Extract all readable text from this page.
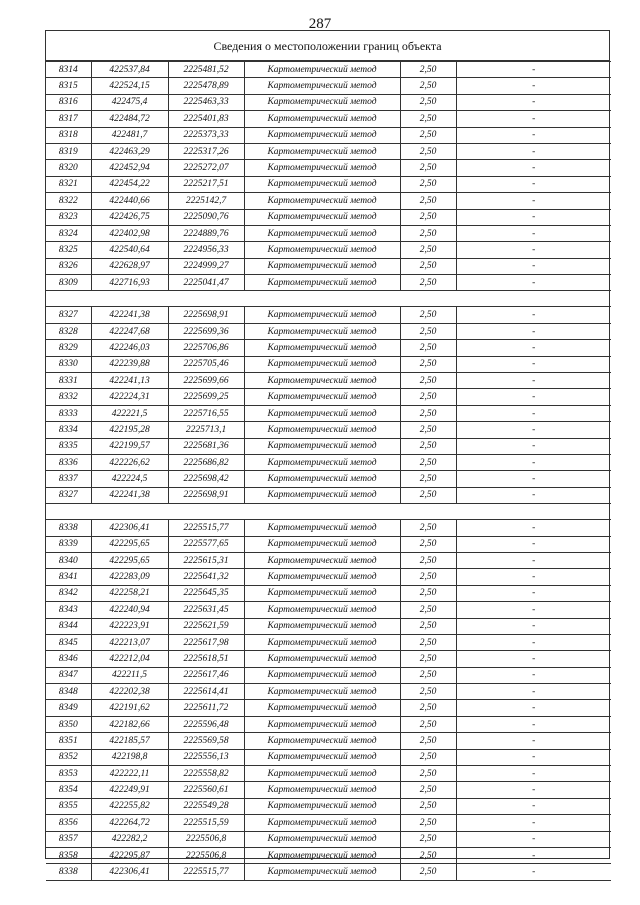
287
Сведения о местоположении границ объекта
8314	422537,84	2225481,52	Картометрический метод	2,50	-
8315	422524,15	2225478,89	Картометрический метод	2,50	-
8316	422475,4	2225463,33	Картометрический метод	2,50	-
8317	422484,72	2225401,83	Картометрический метод	2,50	-
8318	422481,7	2225373,33	Картометрический метод	2,50	-
8319	422463,29	2225317,26	Картометрический метод	2,50	-
8320	422452,94	2225272,07	Картометрический метод	2,50	-
8321	422454,22	2225217,51	Картометрический метод	2,50	-
8322	422440,66	2225142,7	Картометрический метод	2,50	-
8323	422426,75	2225090,76	Картометрический метод	2,50	-
8324	422402,98	2224889,76	Картометрический метод	2,50	-
8325	422540,64	2224956,33	Картометрический метод	2,50	-
8326	422628,97	2224999,27	Картометрический метод	2,50	-
8309	422716,93	2225041,47	Картометрический метод	2,50	-
8327	422241,38	2225698,91	Картометрический метод	2,50	-
8328	422247,68	2225699,36	Картометрический метод	2,50	-
8329	422246,03	2225706,86	Картометрический метод	2,50	-
8330	422239,88	2225705,46	Картометрический метод	2,50	-
8331	422241,13	2225699,66	Картометрический метод	2,50	-
8332	422224,31	2225699,25	Картометрический метод	2,50	-
8333	422221,5	2225716,55	Картометрический метод	2,50	-
8334	422195,28	2225713,1	Картометрический метод	2,50	-
8335	422199,57	2225681,36	Картометрический метод	2,50	-
8336	422226,62	2225686,82	Картометрический метод	2,50	-
8337	422224,5	2225698,42	Картометрический метод	2,50	-
8327	422241,38	2225698,91	Картометрический метод	2,50	-
8338	422306,41	2225515,77	Картометрический метод	2,50	-
8339	422295,65	2225577,65	Картометрический метод	2,50	-
8340	422295,65	2225615,31	Картометрический метод	2,50	-
8341	422283,09	2225641,32	Картометрический метод	2,50	-
8342	422258,21	2225645,35	Картометрический метод	2,50	-
8343	422240,94	2225631,45	Картометрический метод	2,50	-
8344	422223,91	2225621,59	Картометрический метод	2,50	-
8345	422213,07	2225617,98	Картометрический метод	2,50	-
8346	422212,04	2225618,51	Картометрический метод	2,50	-
8347	422211,5	2225617,46	Картометрический метод	2,50	-
8348	422202,38	2225614,41	Картометрический метод	2,50	-
8349	422191,62	2225611,72	Картометрический метод	2,50	-
8350	422182,66	2225596,48	Картометрический метод	2,50	-
8351	422185,57	2225569,58	Картометрический метод	2,50	-
8352	422198,8	2225556,13	Картометрический метод	2,50	-
8353	422222,11	2225558,82	Картометрический метод	2,50	-
8354	422249,91	2225560,61	Картометрический метод	2,50	-
8355	422255,82	2225549,28	Картометрический метод	2,50	-
8356	422264,72	2225515,59	Картометрический метод	2,50	-
8357	422282,2	2225506,8	Картометрический метод	2,50	-
8358	422295,87	2225506,8	Картометрический метод	2,50	-
8338	422306,41	2225515,77	Картометрический метод	2,50	-
